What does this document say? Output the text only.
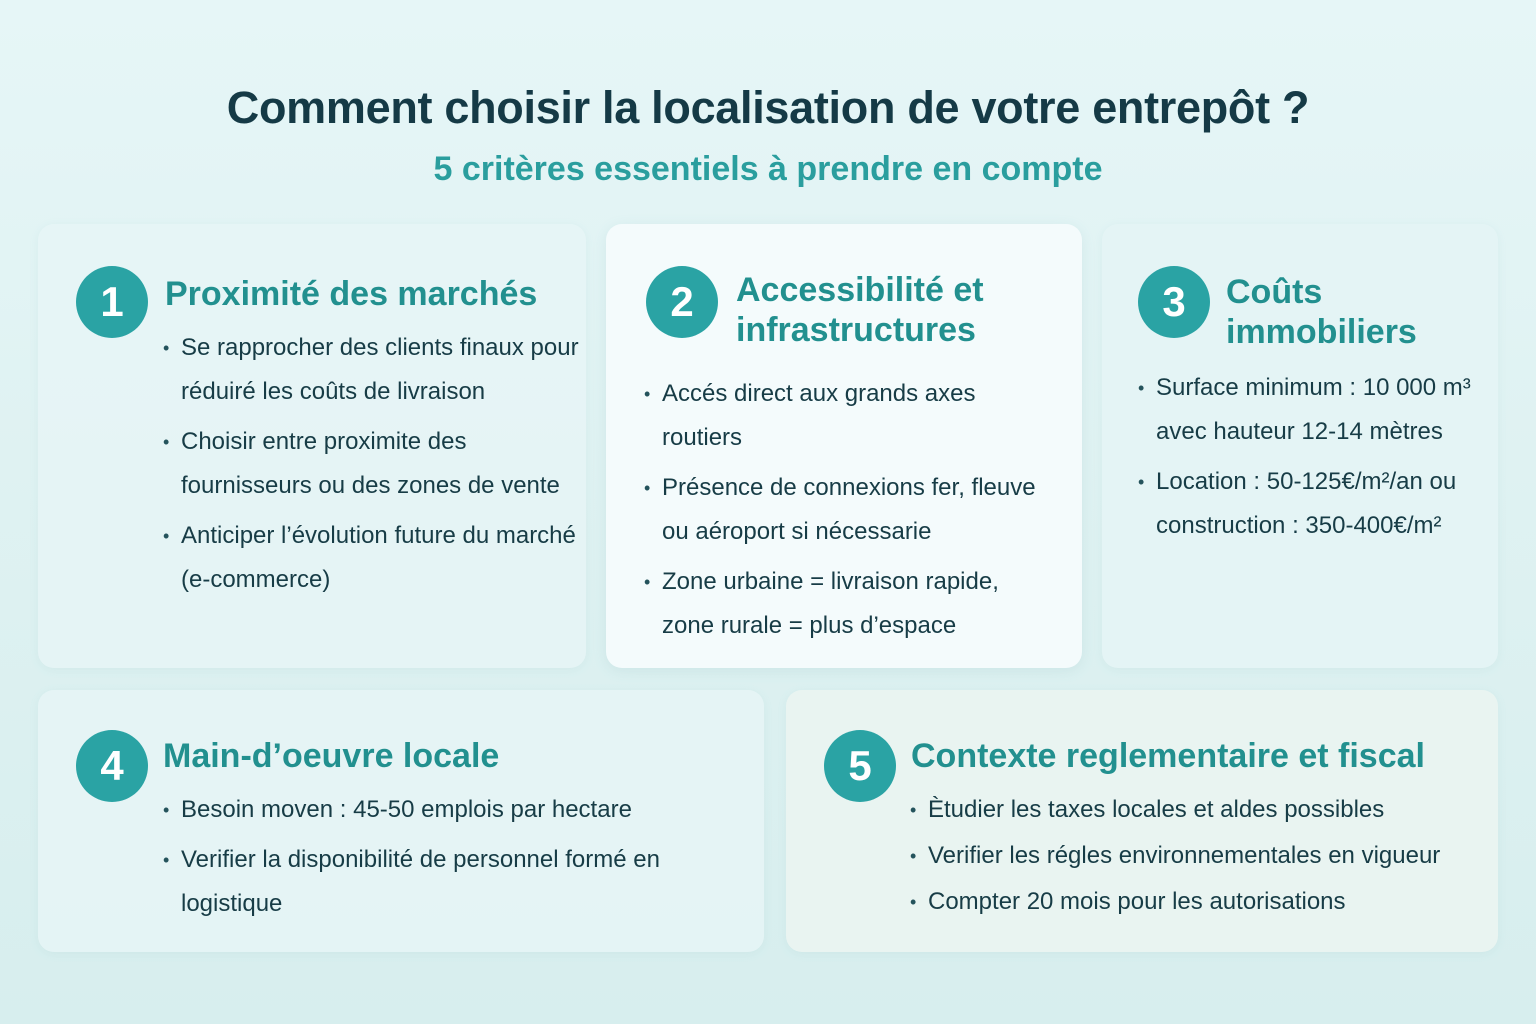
Comment choisir la localisation de votre entrepôt ?
5 critères essentiels à prendre en compte
1	Proximité des marchés
• Se rapprocher des clients finaux pour réduiré les coûts de livraison
• Choisir entre proximite des fournisseurs ou des zones de vente
• Anticiper l’évolution future du marché (e-commerce)
2	Accessibilité et infrastructures
• Accés direct aux grands axes routiers
• Présence de connexions fer, fleuve ou aéroport si nécessarie
• Zone urbaine = livraison rapide, zone rurale = plus d’espace
3	Coûts immobiliers
• Surface minimum : 10 000 m³ avec hauteur 12-14 mètres
• Location : 50-125€/m²/an ou construction : 350-400€/m²
4	Main-d’oeuvre locale
• Besoin moven : 45-50 emplois par hectare
• Verifier la disponibilité de personnel formé en logistique
5	Contexte reglementaire et fiscal
• Ètudier les taxes locales et aldes possibles
• Verifier les régles environnementales en vigueur
• Compter 20 mois pour les autorisations
